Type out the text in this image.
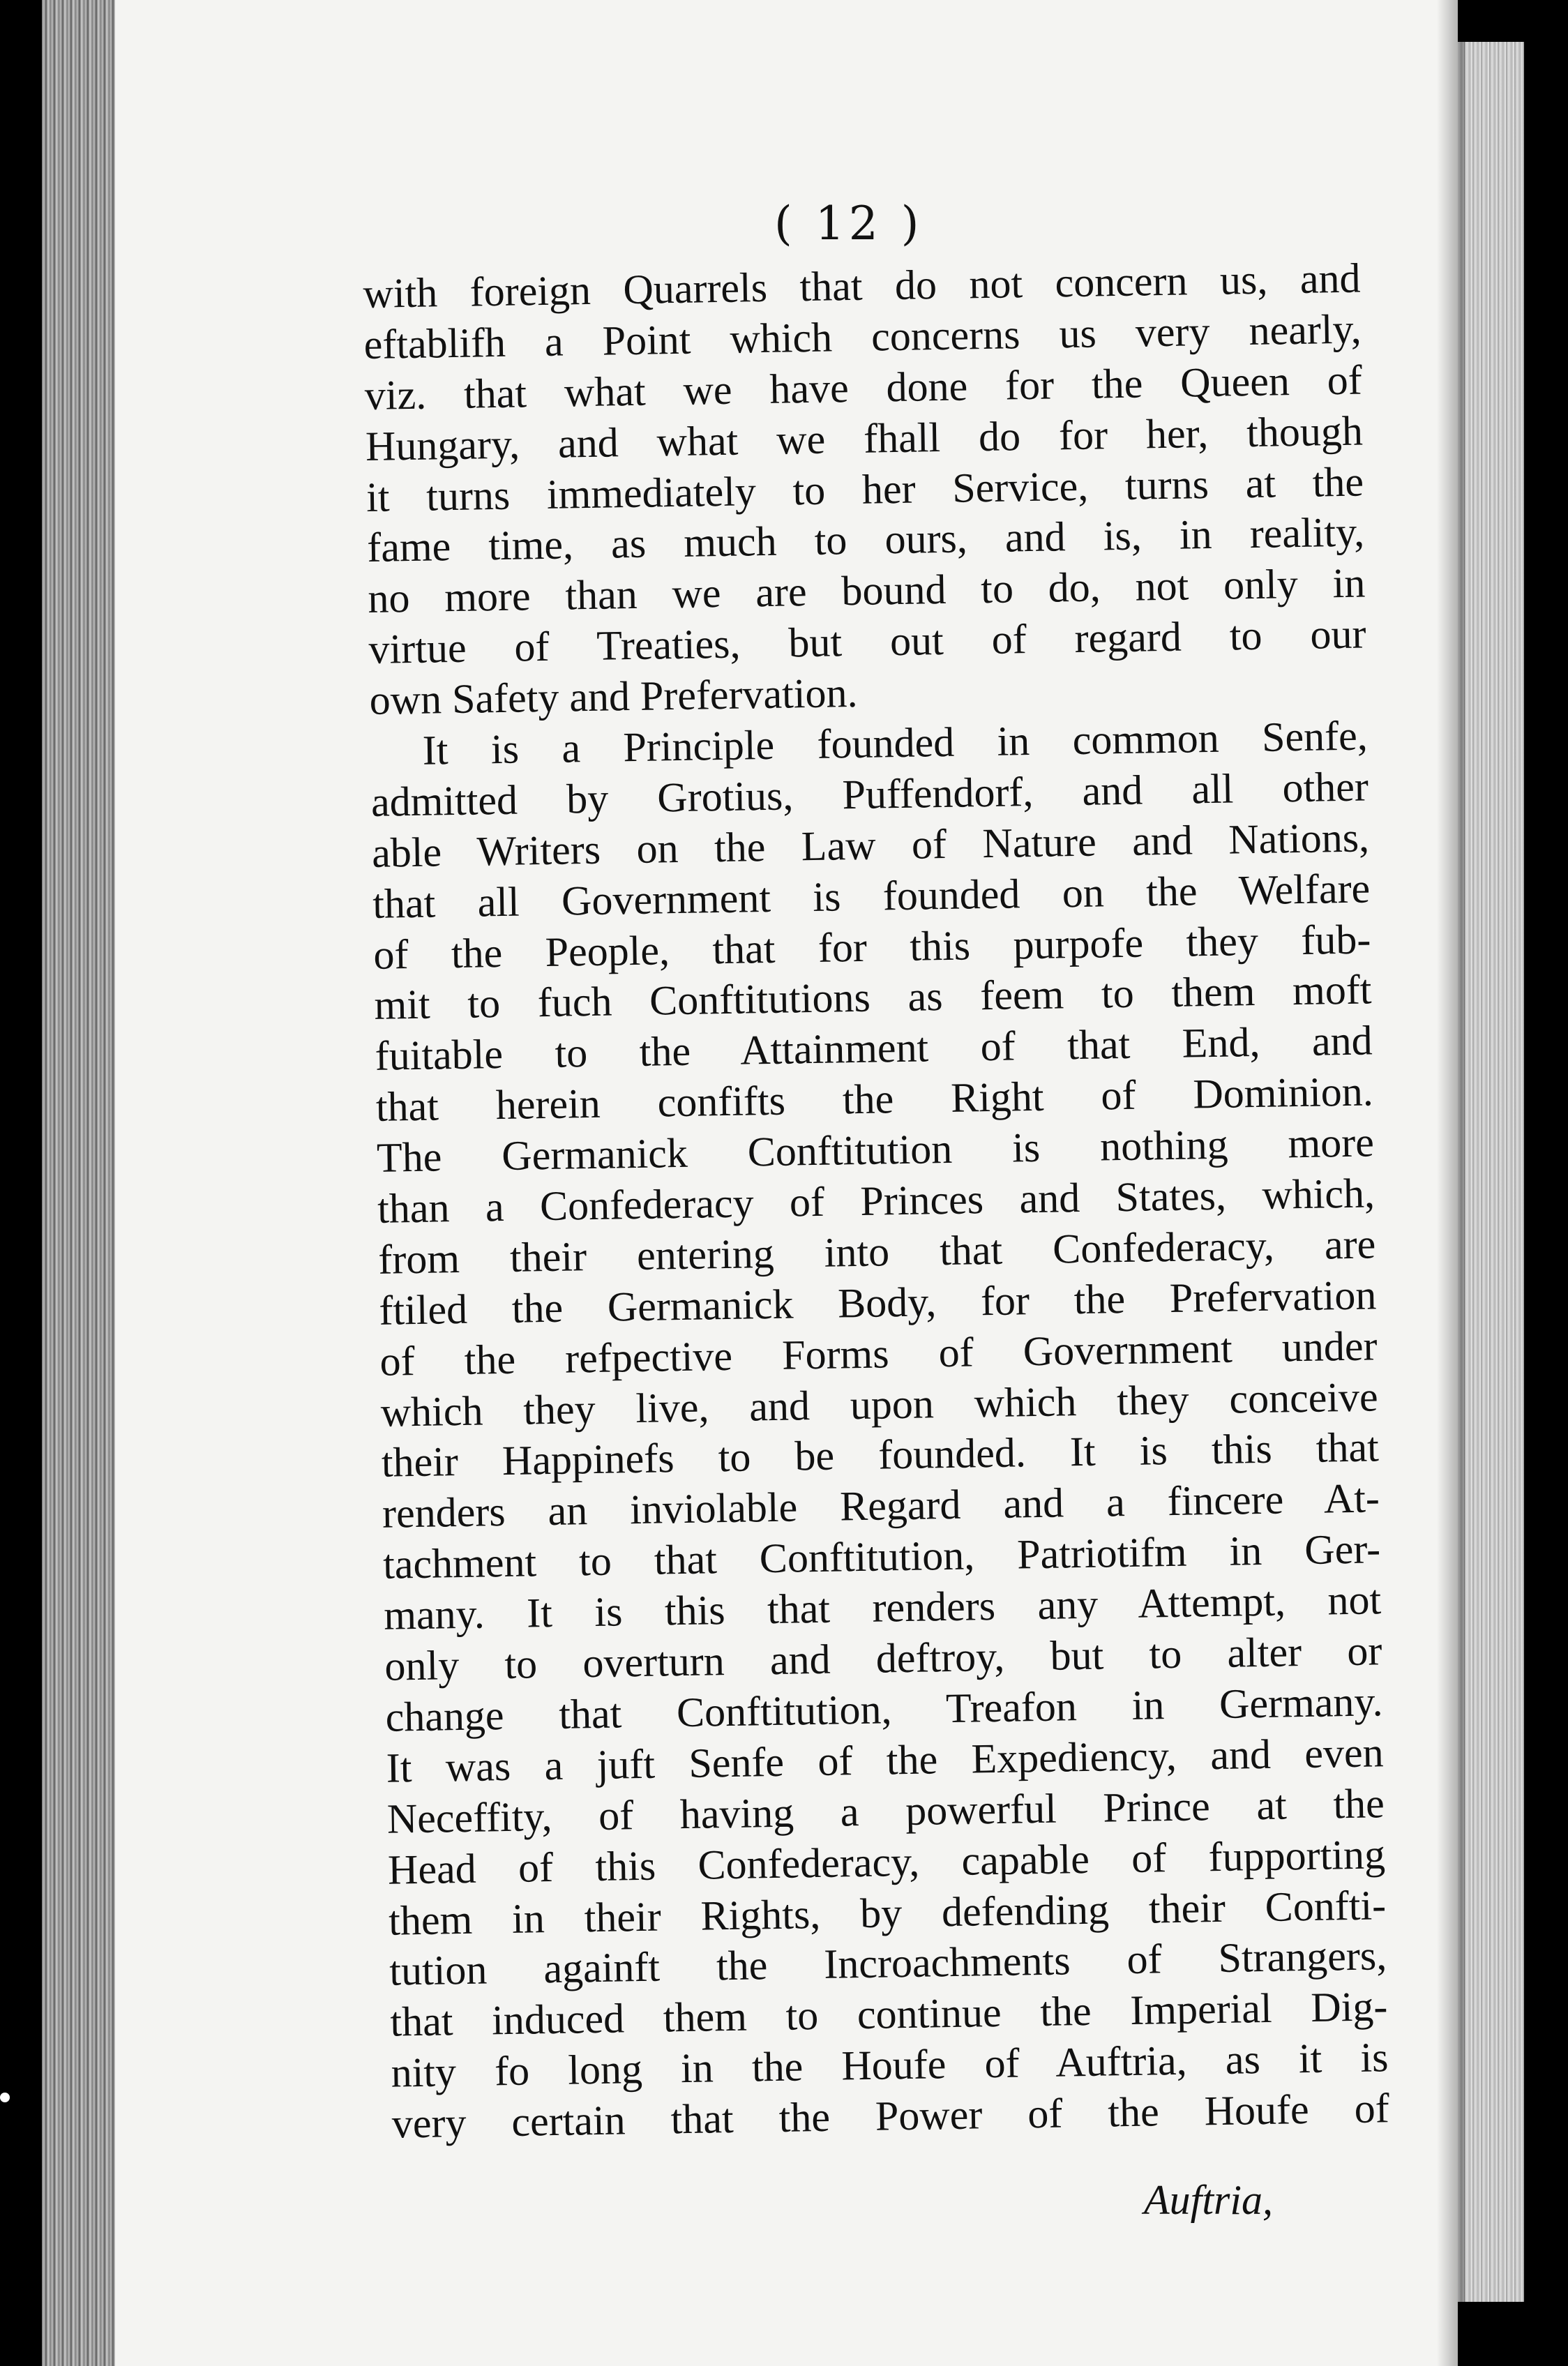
( 12 )
with foreign Quarrels that do not concern us, and
eftablifh a Point which concerns us very nearly,
viz. that what we have done for the Queen of
Hungary, and what we fhall do for her, though
it turns immediately to her Service, turns at the
fame time, as much to ours, and is, in reality,
no more than we are bound to do, not only in
virtue of Treaties, but out of regard to our
own Safety and Prefervation.
It is a Principle founded in common Senfe,
admitted by Grotius, Puffendorf, and all other
able Writers on the Law of Nature and Nations,
that all Government is founded on the Welfare
of the People, that for this purpofe they fub-
mit to fuch Conftitutions as feem to them moft
fuitable to the Attainment of that End, and
that herein confifts the Right of Dominion.
The Germanick Conftitution is nothing more
than a Confederacy of Princes and States, which,
from their entering into that Confederacy, are
ftiled the Germanick Body, for the Prefervation
of the refpective Forms of Government under
which they live, and upon which they conceive
their Happinefs to be founded. It is this that
renders an inviolable Regard and a fincere At-
tachment to that Conftitution, Patriotifm in Ger-
many. It is this that renders any Attempt, not
only to overturn and deftroy, but to alter or
change that Conftitution, Treafon in Germany.
It was a juft Senfe of the Expediency, and even
Neceffity, of having a powerful Prince at the
Head of this Confederacy, capable of fupporting
them in their Rights, by defending their Confti-
tution againft the Incroachments of Strangers,
that induced them to continue the Imperial Dig-
nity fo long in the Houfe of Auftria, as it is
very certain that the Power of the Houfe of
Auftria,
